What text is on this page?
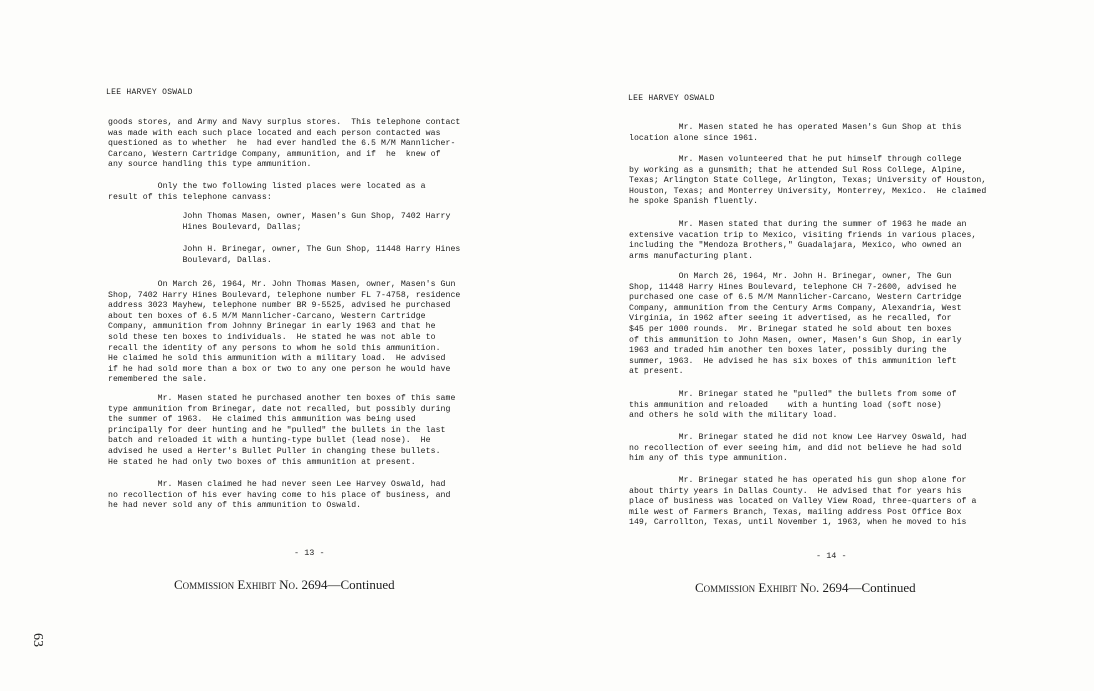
LEE HARVEY OSWALD
goods stores, and Army and Navy surplus stores.  This telephone contact
was made with each such place located and each person contacted was
questioned as to whether  he  had ever handled the 6.5 M/M Mannlicher-
Carcano, Western Cartridge Company, ammunition, and if  he  knew of
any source handling this type ammunition.
Only the two following listed places were located as a
result of this telephone canvass:
John Thomas Masen, owner, Masen's Gun Shop, 7402 Harry
Hines Boulevard, Dallas;
John H. Brinegar, owner, The Gun Shop, 11448 Harry Hines
Boulevard, Dallas.
On March 26, 1964, Mr. John Thomas Masen, owner, Masen's Gun
Shop, 7402 Harry Hines Boulevard, telephone number FL 7-4758, residence
address 3023 Mayhew, telephone number BR 9-5525, advised he purchased
about ten boxes of 6.5 M/M Mannlicher-Carcano, Western Cartridge
Company, ammunition from Johnny Brinegar in early 1963 and that he
sold these ten boxes to individuals.  He stated he was not able to
recall the identity of any persons to whom he sold this ammunition.
He claimed he sold this ammunition with a military load.  He advised
if he had sold more than a box or two to any one person he would have
remembered the sale.
Mr. Masen stated he purchased another ten boxes of this same
type ammunition from Brinegar, date not recalled, but possibly during
the summer of 1963.  He claimed this ammunition was being used
principally for deer hunting and he "pulled" the bullets in the last
batch and reloaded it with a hunting-type bullet (lead nose).  He
advised he used a Herter's Bullet Puller in changing these bullets.
He stated he had only two boxes of this ammunition at present.
Mr. Masen claimed he had never seen Lee Harvey Oswald, had
no recollection of his ever having come to his place of business, and
he had never sold any of this ammunition to Oswald.
- 13 -
Commission Exhibit No. 2694—Continued
LEE HARVEY OSWALD
Mr. Masen stated he has operated Masen's Gun Shop at this
location alone since 1961.
Mr. Masen volunteered that he put himself through college
by working as a gunsmith; that he attended Sul Ross College, Alpine,
Texas; Arlington State College, Arlington, Texas; University of Houston,
Houston, Texas; and Monterrey University, Monterrey, Mexico.  He claimed
he spoke Spanish fluently.
Mr. Masen stated that during the summer of 1963 he made an
extensive vacation trip to Mexico, visiting friends in various places,
including the "Mendoza Brothers," Guadalajara, Mexico, who owned an
arms manufacturing plant.
On March 26, 1964, Mr. John H. Brinegar, owner, The Gun
Shop, 11448 Harry Hines Boulevard, telephone CH 7-2600, advised he
purchased one case of 6.5 M/M Mannlicher-Carcano, Western Cartridge
Company, ammunition from the Century Arms Company, Alexandria, West
Virginia, in 1962 after seeing it advertised, as he recalled, for
$45 per 1000 rounds.  Mr. Brinegar stated he sold about ten boxes
of this ammunition to John Masen, owner, Masen's Gun Shop, in early
1963 and traded him another ten boxes later, possibly during the
summer, 1963.  He advised he has six boxes of this ammunition left
at present.
Mr. Brinegar stated he "pulled" the bullets from some of
this ammunition and reloaded    with a hunting load (soft nose)
and others he sold with the military load.
Mr. Brinegar stated he did not know Lee Harvey Oswald, had
no recollection of ever seeing him, and did not believe he had sold
him any of this type ammunition.
Mr. Brinegar stated he has operated his gun shop alone for
about thirty years in Dallas County.  He advised that for years his
place of business was located on Valley View Road, three-quarters of a
mile west of Farmers Branch, Texas, mailing address Post Office Box
149, Carrollton, Texas, until November 1, 1963, when he moved to his
- 14 -
Commission Exhibit No. 2694—Continued
63
